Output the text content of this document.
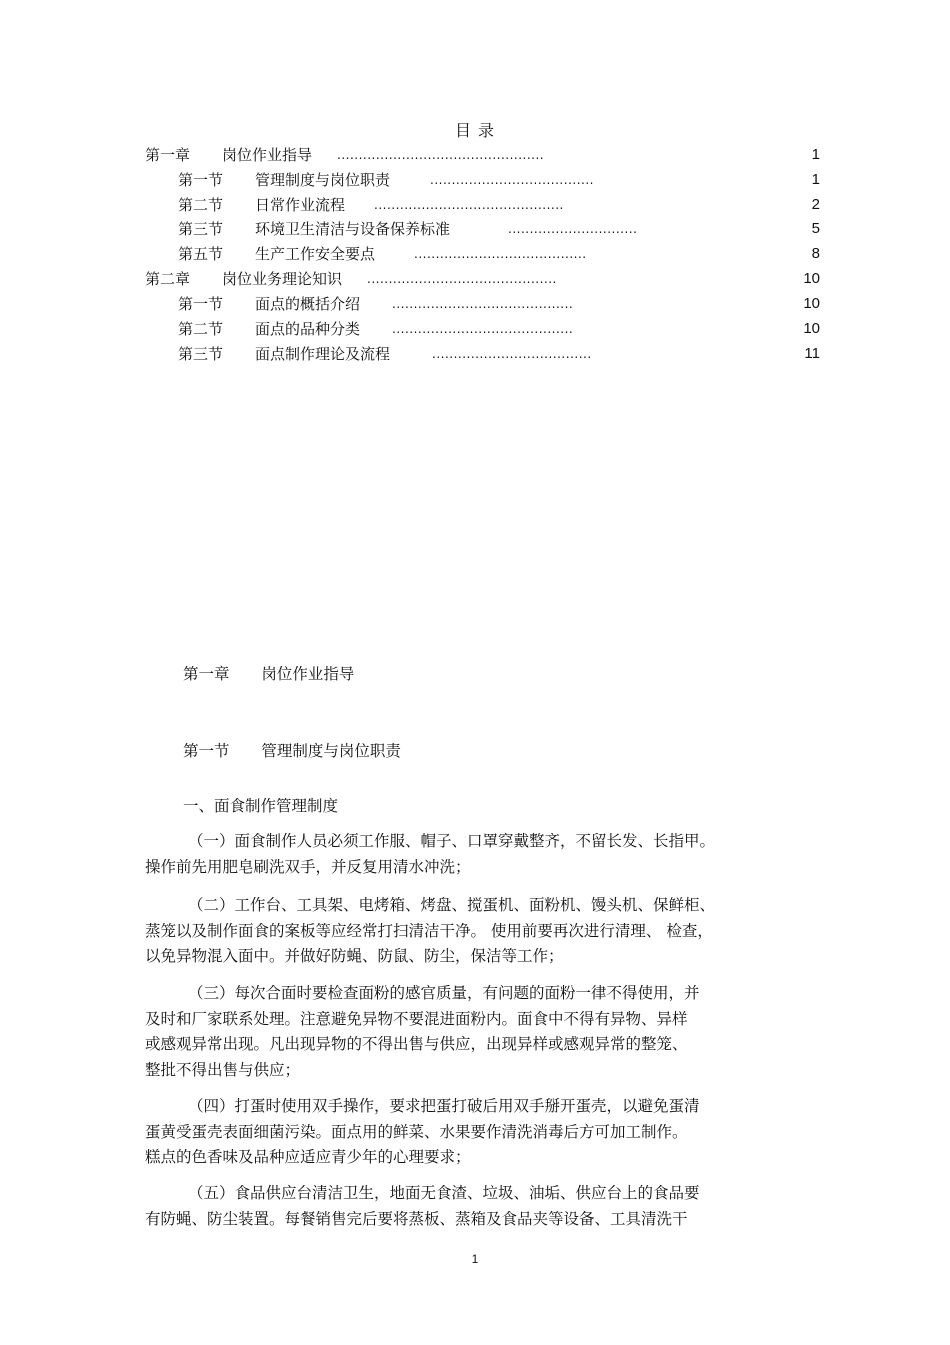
目 录
第一章 岗位作业指导 ................................................	1
第一节 管理制度与岗位职责	......................................	1
第二节 日常作业流程 ............................................	2
第三节 环境卫生清洁与设备保养标准	..............................	5
第五节 生产工作安全要点	........................................	8
第二章 岗位业务理论知识 ............................................	10
第一节 面点的概括介绍	..........................................	10
第二节 面点的品种分类	..........................................	10
第三节 面点制作理论及流程	.....................................	11
第一章 岗位作业指导
第一节 管理制度与岗位职责
一、面食制作管理制度
（一）面食制作人员必须工作服、帽子、口罩穿戴整齐，不留长发、长指甲。
操作前先用肥皂刷洗双手，并反复用清水冲洗；
（二）工作台、工具架、电烤箱、烤盘、搅蛋机、面粉机、馒头机、保鲜柜、
蒸笼以及制作面食的案板等应经常打扫清洁干净。 使用前要再次进行清理、 检查，
以免异物混入面中。并做好防蝇、防鼠、防尘，保洁等工作；
（三）每次合面时要检查面粉的感官质量，有问题的面粉一律不得使用，并
及时和厂家联系处理。注意避免异物不要混进面粉内。面食中不得有异物、异样
或感观异常出现。凡出现异物的不得出售与供应，出现异样或感观异常的整笼、
整批不得出售与供应；
（四）打蛋时使用双手操作，要求把蛋打破后用双手掰开蛋壳，以避免蛋清
蛋黄受蛋壳表面细菌污染。面点用的鲜菜、水果要作清洗消毒后方可加工制作。
糕点的色香味及品种应适应青少年的心理要求；
（五）食品供应台清洁卫生，地面无食渣、垃圾、油垢、供应台上的食品要
有防蝇、防尘装置。每餐销售完后要将蒸板、蒸箱及食品夹等设备、工具清洗干
1
